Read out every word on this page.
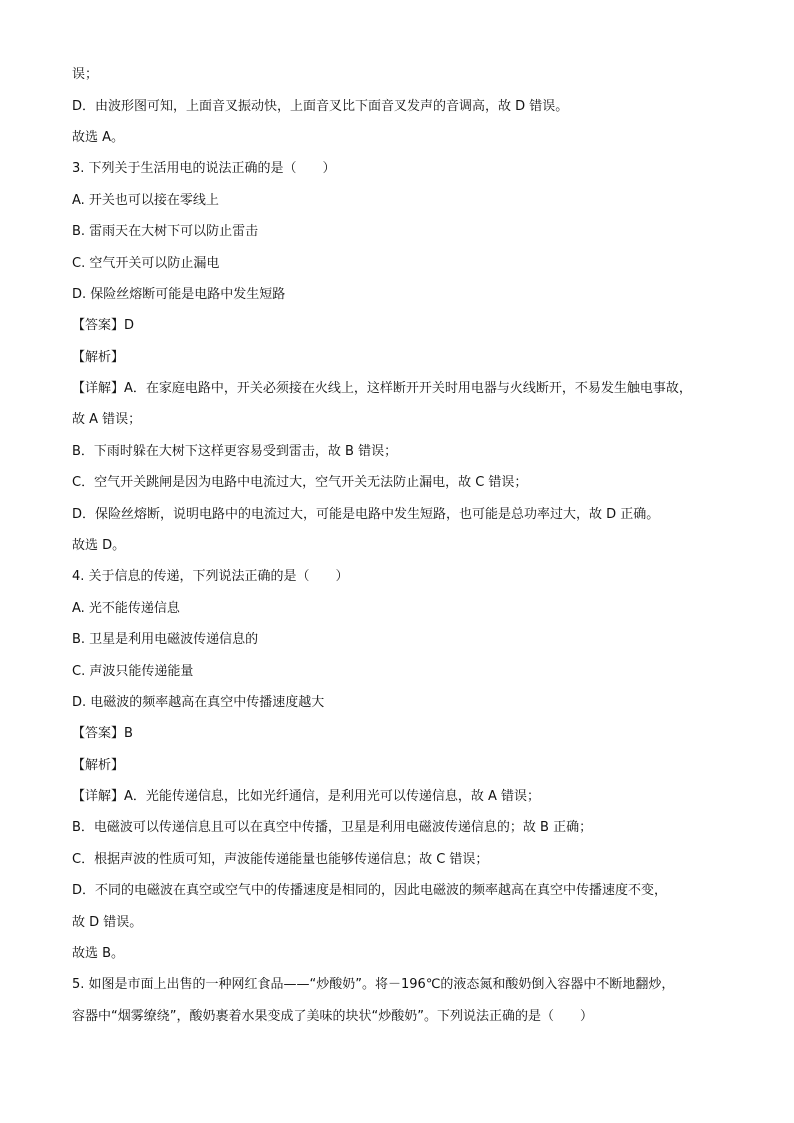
误；
D．由波形图可知，上面音叉振动快，上面音叉比下面音叉发声的音调高，故 D 错误。
故选 A。
3. 下列关于生活用电的说法正确的是（　　）
A. 开关也可以接在零线上
B. 雷雨天在大树下可以防止雷击
C. 空气开关可以防止漏电
D. 保险丝熔断可能是电路中发生短路
【答案】D
【解析】
【详解】A．在家庭电路中，开关必须接在火线上，这样断开开关时用电器与火线断开，不易发生触电事故，
故 A 错误；
B．下雨时躲在大树下这样更容易受到雷击，故 B 错误；
C．空气开关跳闸是因为电路中电流过大，空气开关无法防止漏电，故 C 错误；
D．保险丝熔断，说明电路中的电流过大，可能是电路中发生短路，也可能是总功率过大，故 D 正确。
故选 D。
4. 关于信息的传递，下列说法正确的是（　　）
A. 光不能传递信息
B. 卫星是利用电磁波传递信息的
C. 声波只能传递能量
D. 电磁波的频率越高在真空中传播速度越大
【答案】B
【解析】
【详解】A．光能传递信息，比如光纤通信，是利用光可以传递信息，故 A 错误；
B．电磁波可以传递信息且可以在真空中传播，卫星是利用电磁波传递信息的；故 B 正确；
C．根据声波的性质可知，声波能传递能量也能够传递信息；故 C 错误；
D．不同的电磁波在真空或空气中的传播速度是相同的，因此电磁波的频率越高在真空中传播速度不变，
故 D 错误。
故选 B。
5. 如图是市面上出售的一种网红食品——“炒酸奶”。将－196℃的液态氮和酸奶倒入容器中不断地翻炒，
容器中“烟雾缭绕”，酸奶裹着水果变成了美味的块状“炒酸奶”。下列说法正确的是（　　）
